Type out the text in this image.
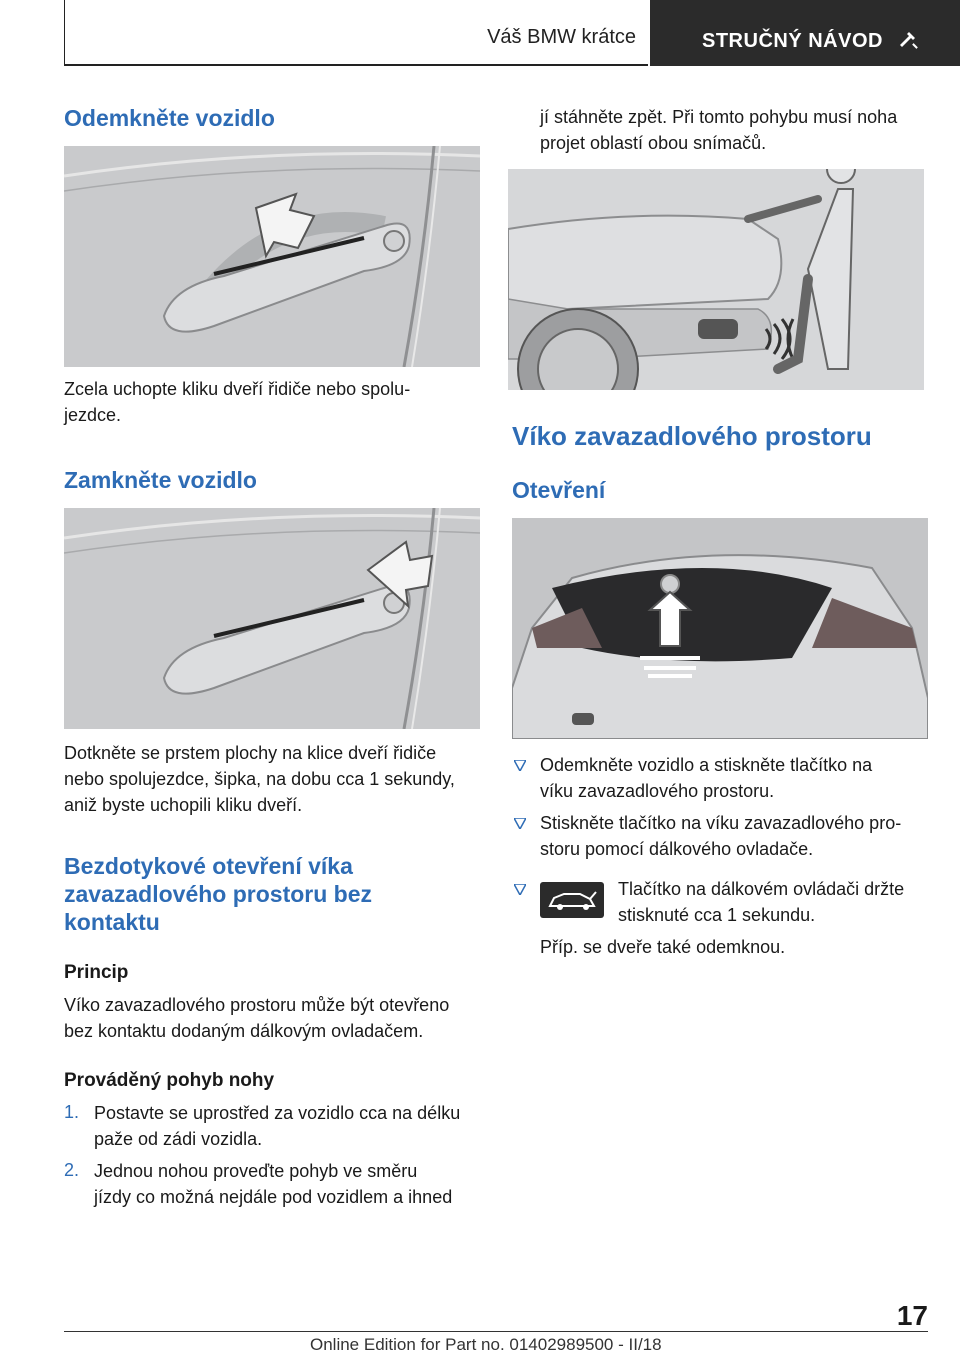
Váš BMW krátce	STRUČNÝ NÁVOD
Odemkněte vozidlo
Zcela uchopte kliku dveří řidiče nebo spolu‐
jezdce.
Zamkněte vozidlo
Dotkněte se prstem plochy na klice dveří řidiče
nebo spolujezdce, šipka, na dobu cca 1 sekundy,
aniž byste uchopili kliku dveří.
Bezdotykové otevření víka
zavazadlového prostoru bez
kontaktu
Princip
Víko zavazadlového prostoru může být otevřeno
bez kontaktu dodaným dálkovým ovladačem.
Prováděný pohyb nohy
1. Postavte se uprostřed za vozidlo cca na délku
paže od zádi vozidla.
2. Jednou nohou proveďte pohyb ve směru
jízdy co možná nejdále pod vozidlem a ihned
jí stáhněte zpět. Při tomto pohybu musí noha
projet oblastí obou snímačů.
Víko zavazadlového prostoru
Otevření
Odemkněte vozidlo a stiskněte tlačítko na
víku zavazadlového prostoru.
Stiskněte tlačítko na víku zavazadlového pro‐
storu pomocí dálkového ovladače.
Tlačítko na dálkovém ovládači držte
stisknuté cca 1 sekundu.
Příp. se dveře také odemknou.
17
Online Edition for Part no. 01402989500 - II/18
